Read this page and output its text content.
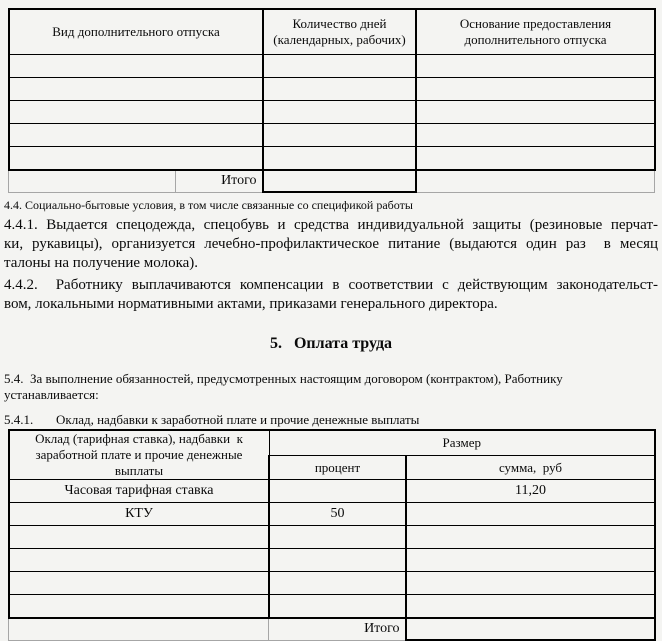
Вид дополнительного отпуска	Количество дней (календарных, рабочих)	Основание предоставления дополнительного отпуска

	Итого		
4.4. Социально-бытовые условия, в том числе связанные со спецификой работы
4.4.1. Выдается спецодежда, спецобувь и средства индивидуальной защиты (резиновые перчат-
ки, рукавицы), организуется лечебно-профилактическое питание (выдаются один раз  в месяц
талоны на получение молока).
4.4.2.  Работнику выплачиваются компенсации в соответствии с действующим законодательст-
вом, локальными нормативными актами, приказами генерального директора.
5.   Оплата труда
5.4.  За выполнение обязанностей, предусмотренных настоящим договором (контрактом), Работнику устанавливается:
5.4.1.       Оклад, надбавки к заработной плате и прочие денежные выплаты
Оклад (тарифная ставка), надбавки  к заработной плате и прочие денежные выплаты	Размер	
	процент	сумма,  руб
Часовая тарифная ставка		11,20
КТУ	50	

	Итого	
